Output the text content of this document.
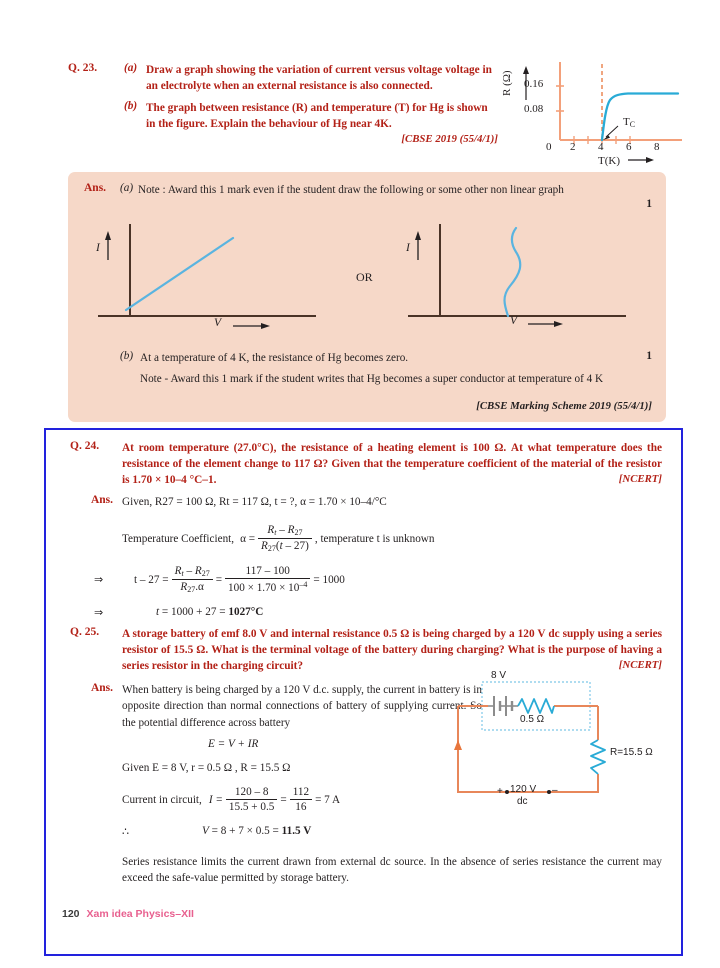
Q. 23.	(a) Draw a graph showing the variation of current versus voltage voltage in an electrolyte when an external resistance is also connected.
(b) The graph between resistance (R) and temperature (T) for Hg is shown in the figure. Explain the behaviour of Hg near 4K.
[CBSE 2019 (55/4/1)]
0.16
0.08
0 2 4 6 8
R (Ω)
T(K)
$T_C$
Ans. (a) Note : Award this 1 mark even if the student draw the following or some other non linear graph
1
I
V
I
V
OR
(b) At a temperature of 4 K, the resistance of Hg becomes zero.
Note - Award this 1 mark if the student writes that Hg becomes a super conductor at temperature of 4 K
1
[CBSE Marking Scheme 2019 (55/4/1)]
Q. 24.	At room temperature (27.0°C), the resistance of a heating element is 100 Ω. At what temperature does the resistance of the element change to 117 Ω? Given that the temperature coefficient of the material of the resistor is 1.70 × 10–4 °C–1.	[NCERT]
Ans. Given, R27 = 100 Ω, Rt = 117 Ω, t = ?, α = 1.70 × 10–4/°C
Temperature Coefficient, $\alpha = \frac{R_t - R_{27}}{R_{27}(t - 27)}$ , temperature t is unknown
⇒	$t - 27 = \frac{R_t - R_{27}}{R_{27}.\alpha} = \frac{117 - 100}{100 \times 1.70 \times 10^{-4}} = 1000$
⇒	t = 1000 + 27 = 1027°C
Q. 25.	A storage battery of emf 8.0 V and internal resistance 0.5 Ω is being charged by a 120 V dc supply using a series resistor of 15.5 Ω. What is the terminal voltage of the battery during charging? What is the purpose of having a series resistor in the charging circuit?	[NCERT]
Ans. When battery is being charged by a 120 V d.c. supply, the current in battery is in opposite direction than normal connections of battery of supplying current. So the potential difference across battery
E = V + IR
Given E = 8 V, r = 0.5 Ω , R = 15.5 Ω
Current in circuit, $I = \frac{120 - 8}{15.5 + 0.5} = \frac{112}{16} = 7$ A
∴	V = 8 + 7 × 0.5 = 11.5 V
8 V
0.5 Ω
R=15.5 Ω
+ 120 V –
dc
Series resistance limits the current drawn from external dc source. In the absence of series resistance the current may exceed the safe-value permitted by storage battery.
120 Xam idea Physics–XII
